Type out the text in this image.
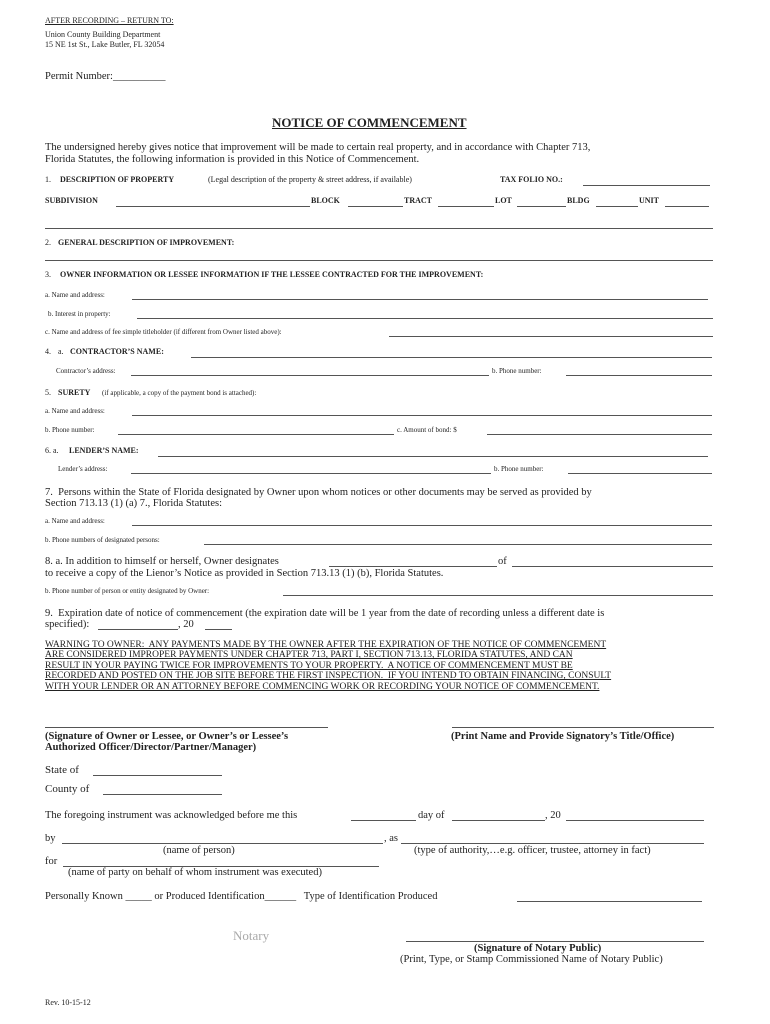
AFTER RECORDING – RETURN TO:
Union County Building Department
15 NE 1st St., Lake Butler, FL 32054
Permit Number:__________
NOTICE OF COMMENCEMENT
The undersigned hereby gives notice that improvement will be made to certain real property, and in accordance with Chapter 713,
Florida Statutes, the following information is provided in this Notice of Commencement.
1. DESCRIPTION OF PROPERTY	(Legal description of the property & street address, if available)	TAX FOLIO NO.:
SUBDIVISION	BLOCK	TRACT	LOT	BLDG	UNIT
2. GENERAL DESCRIPTION OF IMPROVEMENT:
3. OWNER INFORMATION OR LESSEE INFORMATION IF THE LESSEE CONTRACTED FOR THE IMPROVEMENT:
a. Name and address:
b. Interest in property:
c. Name and address of fee simple titleholder (if different from Owner listed above):
4. a. CONTRACTOR’S NAME:
Contractor’s address:	b. Phone number:
5. SURETY (if applicable, a copy of the payment bond is attached):
a. Name and address:
b. Phone number:	c. Amount of bond: $
6. a. LENDER’S NAME:
Lender’s address:	b. Phone number:
7.  Persons within the State of Florida designated by Owner upon whom notices or other documents may be served as provided by
Section 713.13 (1) (a) 7., Florida Statutes:
a. Name and address:
b. Phone numbers of designated persons:
8. a. In addition to himself or herself, Owner designates	of
to receive a copy of the Lienor’s Notice as provided in Section 713.13 (1) (b), Florida Statutes.
b. Phone number of person or entity designated by Owner:
9.  Expiration date of notice of commencement (the expiration date will be 1 year from the date of recording unless a different date is
specified):	, 20
WARNING TO OWNER:  ANY PAYMENTS MADE BY THE OWNER AFTER THE EXPIRATION OF THE NOTICE OF COMMENCEMENT
ARE CONSIDERED IMPROPER PAYMENTS UNDER CHAPTER 713, PART I, SECTION 713.13, FLORIDA STATUTES, AND CAN
RESULT IN YOUR PAYING TWICE FOR IMPROVEMENTS TO YOUR PROPERTY.  A NOTICE OF COMMENCEMENT MUST BE
RECORDED AND POSTED ON THE JOB SITE BEFORE THE FIRST INSPECTION.  IF YOU INTEND TO OBTAIN FINANCING, CONSULT
WITH YOUR LENDER OR AN ATTORNEY BEFORE COMMENCING WORK OR RECORDING YOUR NOTICE OF COMMENCEMENT.
(Signature of Owner or Lessee, or Owner’s or Lessee’s
Authorized Officer/Director/Partner/Manager)
(Print Name and Provide Signatory’s Title/Office)
State of
County of
The foregoing instrument was acknowledged before me this	day of	, 20
by	, as
(name of person)	(type of authority,…e.g. officer, trustee, attorney in fact)
for
(name of party on behalf of whom instrument was executed)
Personally Known _____ or Produced Identification______   Type of Identification Produced
Notary
(Signature of Notary Public)
(Print, Type, or Stamp Commissioned Name of Notary Public)
Rev. 10-15-12
